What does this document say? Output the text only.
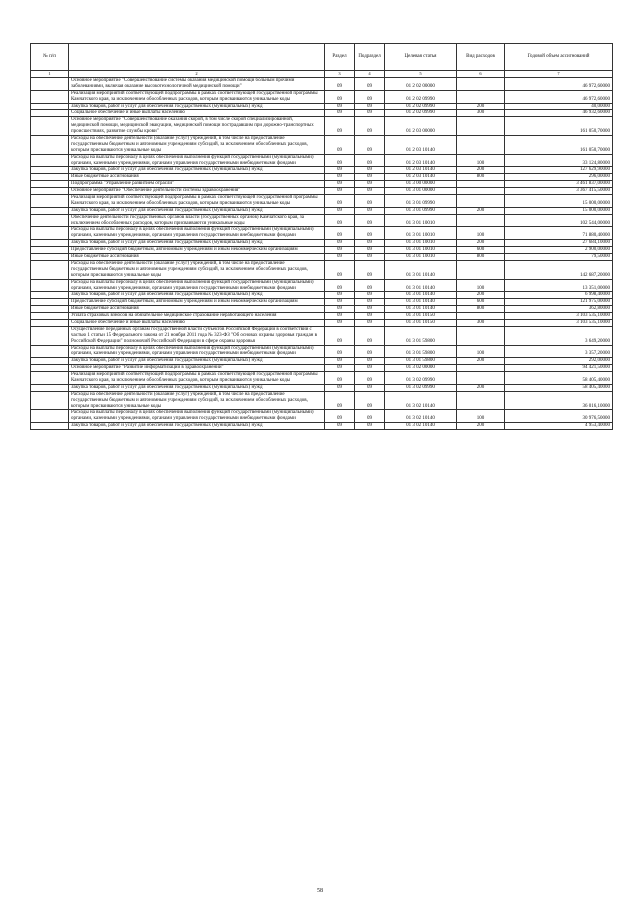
№ п/п		Раздел	Подраздел	Целевая статья	Вид расходов	Годовой объем ассигнований
1	2	3	4	5	6	7
	Основное мероприятие "Совершенствование системы оказания медицинской помощи больным прочими заболеваниями, включая оказание высокотехнологичной медицинской помощи"	09	09	01 2 02 00000		46 972,60000
	Реализация мероприятий соответствующей подпрограммы в рамках соответствующей государственной программы Камчатского края, за исключением обособленных расходов, которым присваиваются уникальные коды	09	09	01 2 02 09990		46 972,60000
	Закупка товаров, работ и услуг для обеспечения государственных (муниципальных) нужд	09	09	01 2 02 09990	200	40,00000
	Социальное обеспечение и иные выплаты населению	09	09	01 2 02 09990	300	46 932,60000
	Основное мероприятие "Совершенствование оказания скорой, в том числе скорой специализированной, медицинской помощи, медицинской эвакуации, медицинской помощи пострадавшим при дорожно-транспортных происшествиях, развитие службы крови"	09	09	01 2 03 00000		161 050,70000
	Расходы на обеспечение деятельности (оказание услуг) учреждений, в том числе на предоставление государственным бюджетным и автономным учреждениям субсидий, за исключением обособленных расходов, которым присваиваются уникальные коды	09	09	01 2 03 10140		161 050,70000
	Расходы на выплаты персоналу в целях обеспечения выполнения функций государственными (муниципальными) органами, казенными учреждениями, органами управления государственными внебюджетными фондами	09	09	01 2 03 10140	100	33 124,80000
	Закупка товаров, работ и услуг для обеспечения государственных (муниципальных) нужд	09	09	01 2 03 10140	200	127 629,90000
	Иные бюджетные ассигнования	09	09	01 2 03 10140	800	296,00000
	Подпрограмма "Управление развитием отрасли"	09	09	01 3 00 00000		3 461 837,00000
	Основное мероприятие "Обеспечение деятельности системы здравоохранения"	09	09	01 3 01 00000		3 367 415,50000
	Реализация мероприятий соответствующей подпрограммы в рамках соответствующей государственной программы Камчатского края, за исключением обособленных расходов, которым присваиваются уникальные коды	09	09	01 3 01 09990		15 000,00000
	Закупка товаров, работ и услуг для обеспечения государственных (муниципальных) нужд	09	09	01 3 01 09990	200	15 000,00000
	Обеспечение деятельности государственных органов власти (государственных органов) Камчатского края, за исключением обособленных расходов, которым присваиваются уникальные коды	09	09	01 3 01 10010		102 544,00000
	Расходы на выплаты персоналу в целях обеспечения выполнения функций государственными (муниципальными) органами, казенными учреждениями, органами управления государственными внебюджетными фондами	09	09	01 3 01 10010	100	71 880,40000
	Закупка товаров, работ и услуг для обеспечения государственных (муниципальных) нужд	09	09	01 3 01 10010	200	27 684,10000
	Предоставление субсидий бюджетным, автономным учреждениям и иным некоммерческим организациям	09	09	01 3 01 10010	600	2 900,00000
	Иные бюджетные ассигнования	09	09	01 3 01 10010	800	79,50000
	Расходы на обеспечение деятельности (оказание услуг) учреждений, в том числе на предоставление государственным бюджетным и автономным учреждениям субсидий, за исключением обособленных расходов, которым присваиваются уникальные коды	09	09	01 3 01 10140		142 687,20000
	Расходы на выплаты персоналу в целях обеспечения выполнения функций государственными (муниципальными) органами, казенными учреждениями, органами управления государственными внебюджетными фондами	09	09	01 3 01 10140	100	13 351,00000
	Закупка товаров, работ и услуг для обеспечения государственных (муниципальных) нужд	09	09	01 3 01 10140	200	6 998,40000
	Предоставление субсидий бюджетным, автономным учреждениям и иным некоммерческим организациям	09	09	01 3 01 10140	600	121 975,00000
	Иные бюджетные ассигнования	09	09	01 3 01 10140	800	362,80000
	Уплата страховых взносов на обязательное медицинское страхование неработающего населения	09	09	01 3 01 10150		3 103 535,10000
	Социальное обеспечение и иные выплаты населению	09	09	01 3 01 10150	300	3 103 535,10000
	Осуществление переданных органам государственной власти субъектов Российской Федерации в соответствии с частью 1 статьи 15 Федерального закона от 21 ноября 2011 года № 323-ФЗ "Об основах охраны здоровья граждан в Российской Федерации" полномочий Российской Федерации в сфере охраны здоровья	09	09	01 3 01 59800		3 649,20000
	Расходы на выплаты персоналу в целях обеспечения выполнения функций государственными (муниципальными) органами, казенными учреждениями, органами управления государственными внебюджетными фондами	09	09	01 3 01 59800	100	3 357,20000
	Закупка товаров, работ и услуг для обеспечения государственных (муниципальных) нужд	09	09	01 3 01 59800	200	292,00000
	Основное мероприятие "Развитие информатизации в здравоохранении"	09	09	01 3 02 00000		94 421,50000
	Реализация мероприятий соответствующей подпрограммы в рамках соответствующей государственной программы Камчатского края, за исключением обособленных расходов, которым присваиваются уникальные коды	09	09	01 3 02 09990		58 405,40000
	Закупка товаров, работ и услуг для обеспечения государственных (муниципальных) нужд	09	09	01 3 02 09990	200	58 405,40000
	Расходы на обеспечение деятельности (оказание услуг) учреждений, в том числе на предоставление государственным бюджетным и автономным учреждениям субсидий, за исключением обособленных расходов, которым присваиваются уникальные коды	09	09	01 3 02 10140		36 016,10000
	Расходы на выплаты персоналу в целях обеспечения выполнения функций государственными (муниципальными) органами, казенными учреждениями, органами управления государственными внебюджетными фондами	09	09	01 3 02 10140	100	30 976,50000
	Закупка товаров, работ и услуг для обеспечения государственных (муниципальных) нужд	09	09	01 3 02 10140	200	4 953,40000
58
